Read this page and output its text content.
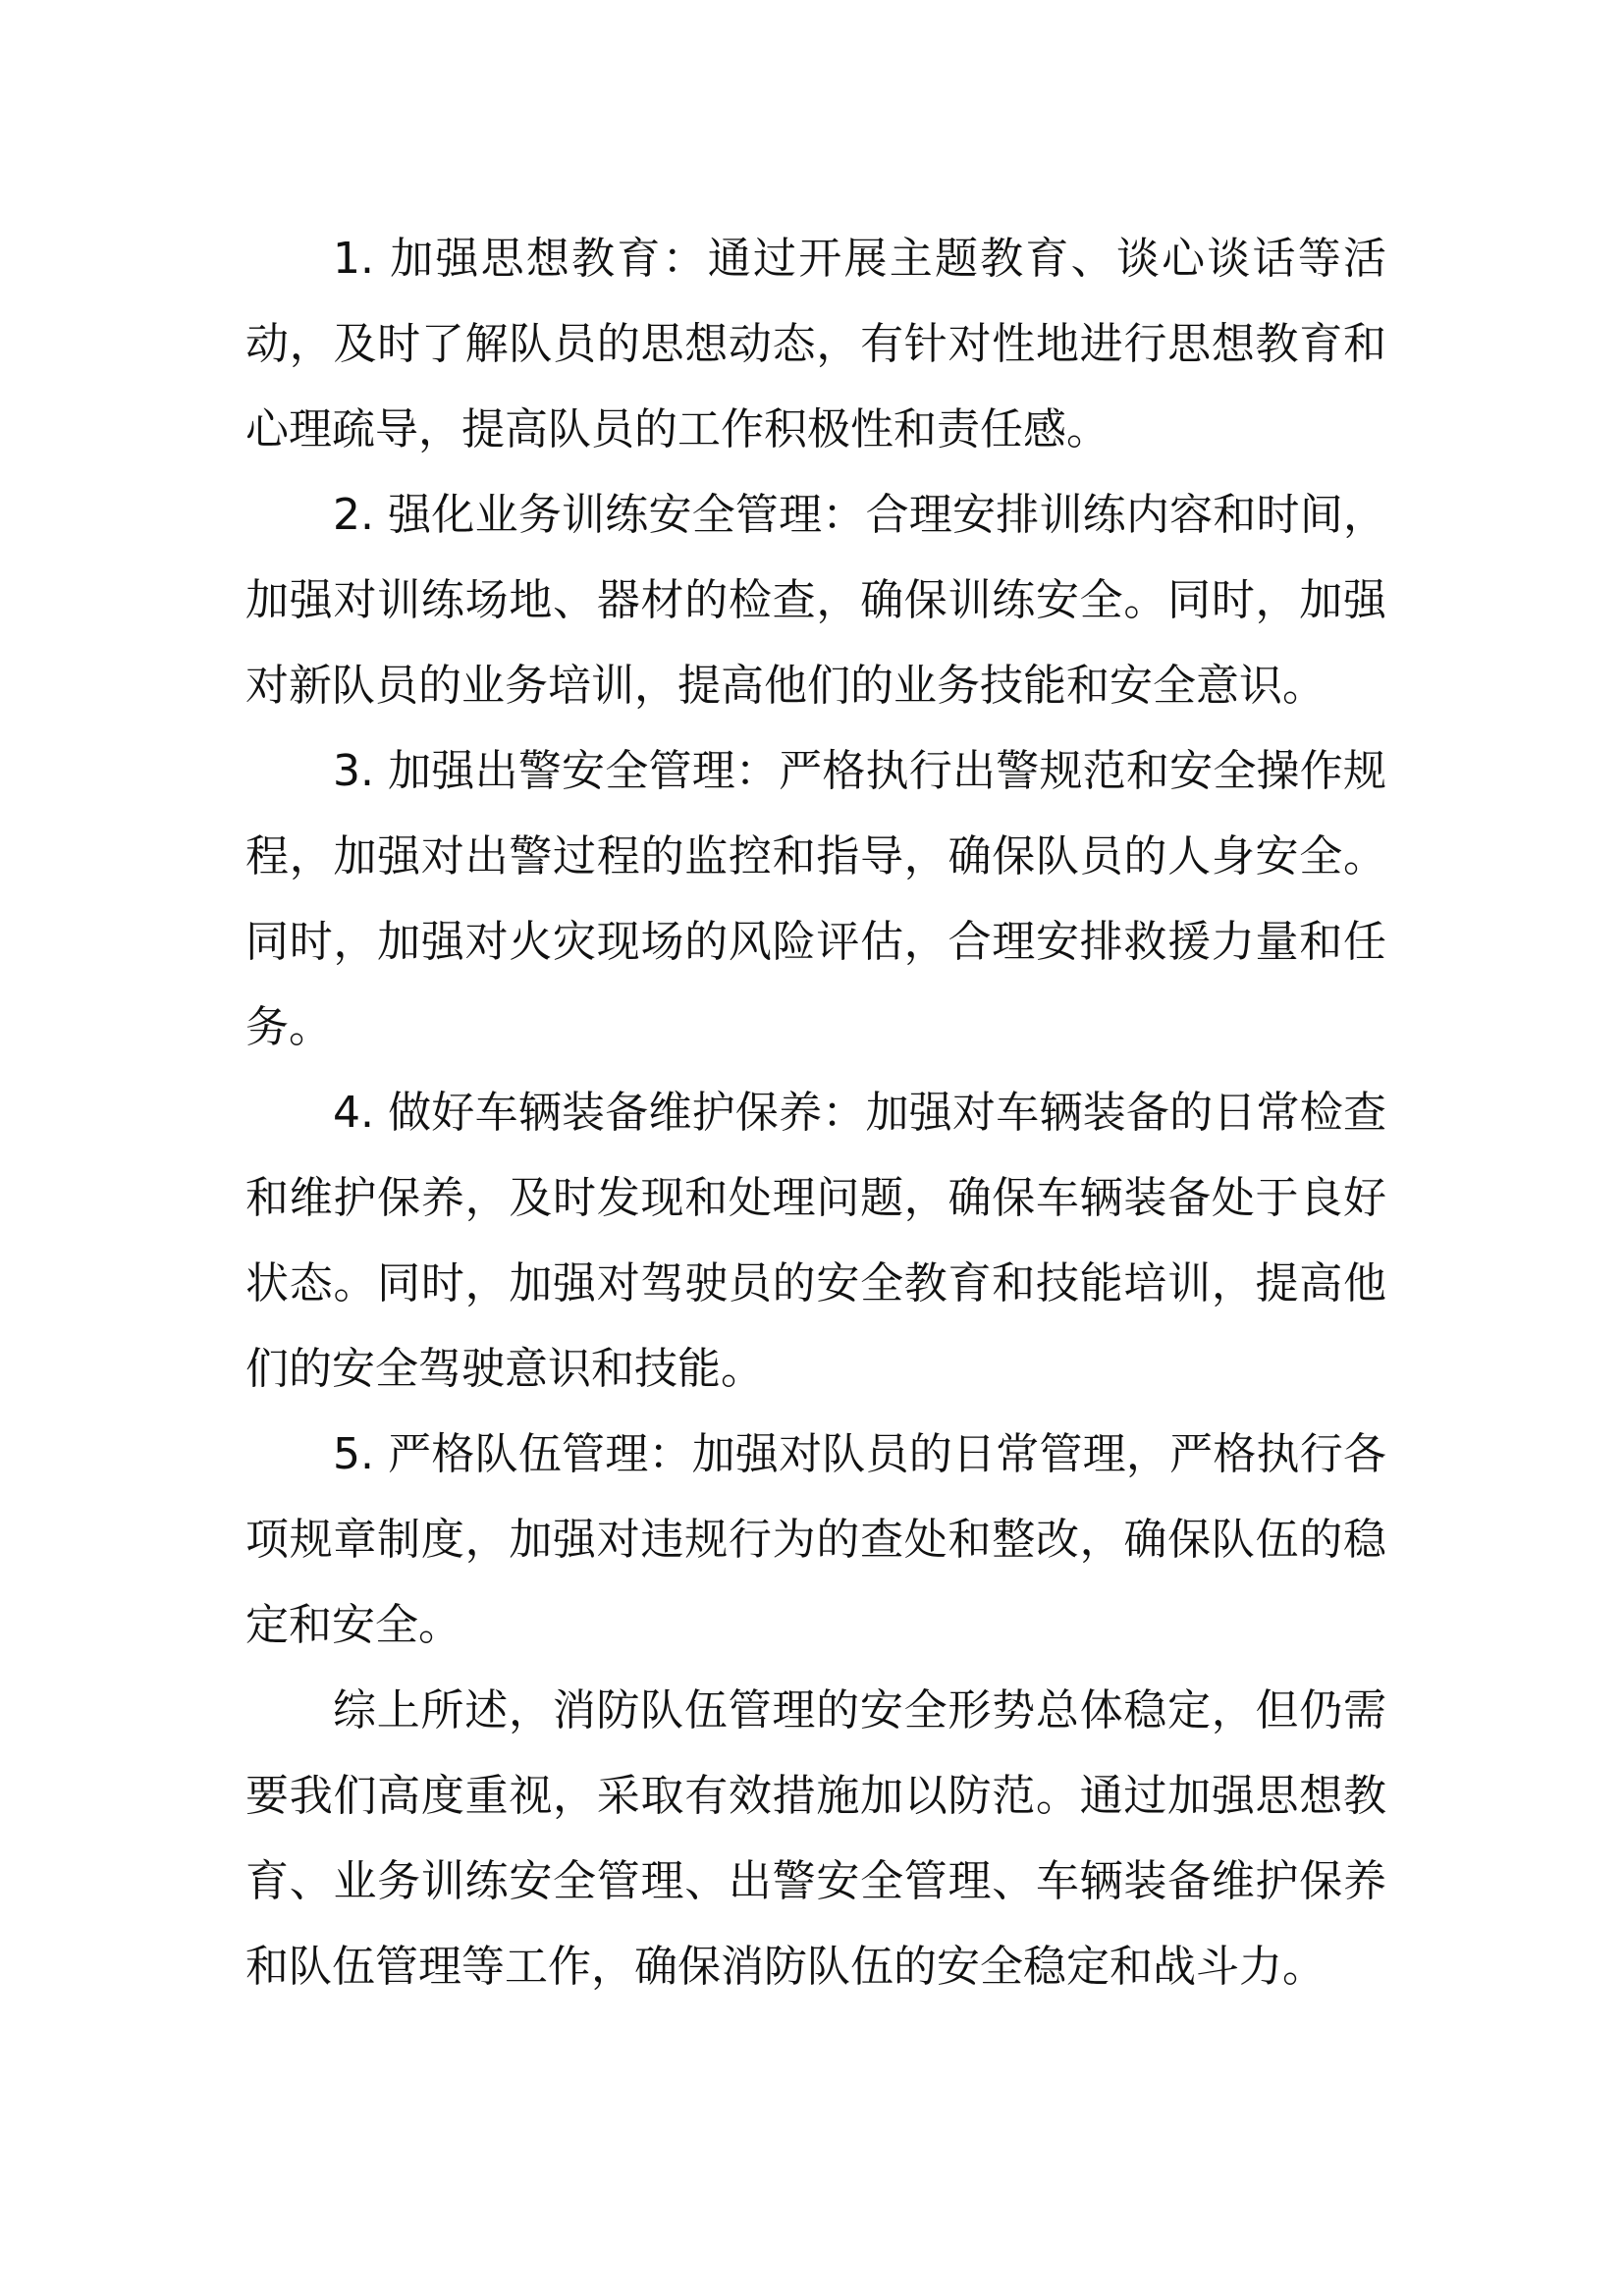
1. 加强思想教育：通过开展主题教育、谈心谈话等活动，及时了解队员的思想动态，有针对性地进行思想教育和心理疏导，提高队员的工作积极性和责任感。

2. 强化业务训练安全管理：合理安排训练内容和时间，加强对训练场地、器材的检查，确保训练安全。同时，加强对新队员的业务培训，提高他们的业务技能和安全意识。

3. 加强出警安全管理：严格执行出警规范和安全操作规程，加强对出警过程的监控和指导，确保队员的人身安全。同时，加强对火灾现场的风险评估，合理安排救援力量和任务。

4. 做好车辆装备维护保养：加强对车辆装备的日常检查和维护保养，及时发现和处理问题，确保车辆装备处于良好状态。同时，加强对驾驶员的安全教育和技能培训，提高他们的安全驾驶意识和技能。

5. 严格队伍管理：加强对队员的日常管理，严格执行各项规章制度，加强对违规行为的查处和整改，确保队伍的稳定和安全。

综上所述，消防队伍管理的安全形势总体稳定，但仍需要我们高度重视，采取有效措施加以防范。通过加强思想教育、业务训练安全管理、出警安全管理、车辆装备维护保养和队伍管理等工作，确保消防队伍的安全稳定和战斗力。
